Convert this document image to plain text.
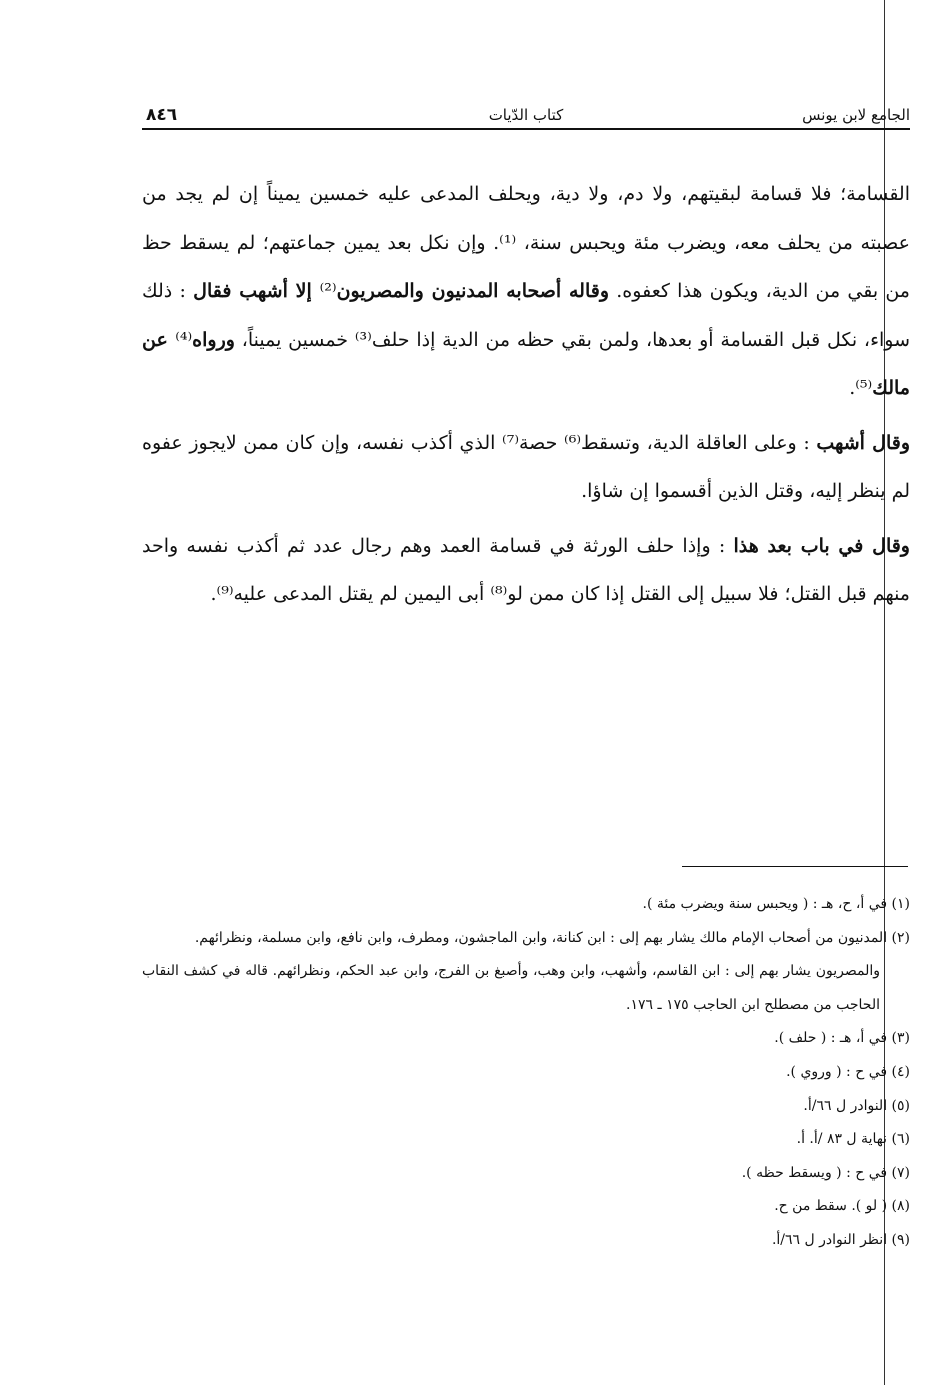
٨٤٦	كتاب الدّيات	الجامع لابن يونس

القسامة؛ فلا قسامة لبقيتهم، ولا دم، ولا دية، ويحلف المدعى عليه خمسين يميناً إن لم يجد من عصبته من يحلف معه، ويضرب مئة ويحبس سنة، ⁽¹⁾. وإن نكل بعد يمين جماعتهم؛ لم يسقط حظ من بقي من الدية، ويكون هذا كعفوه. وقاله أصحابه المدنيون والمصريون⁽²⁾ إلا أشهب فقال : ذلك سواء، نكل قبل القسامة أو بعدها، ولمن بقي حظه من الدية إذا حلف⁽³⁾ خمسين يميناً، ورواه⁽⁴⁾ عن مالك⁽⁵⁾.

وقال أشهب : وعلى العاقلة الدية، وتسقط⁽⁶⁾ حصة⁽⁷⁾ الذي أكذب نفسه، وإن كان ممن لايجوز عفوه لم ينظر إليه، وقتل الذين أقسموا إن شاؤا.

وقال في باب بعد هذا : وإذا حلف الورثة في قسامة العمد وهم رجال عدد ثم أكذب نفسه واحد منهم قبل القتل؛ فلا سبيل إلى القتل إذا كان ممن لو⁽⁸⁾ أبى اليمين لم يقتل المدعى عليه⁽⁹⁾.

(١) في أ، ح، هـ : ( ويحبس سنة ويضرب مئة ).

(٢) المدنيون من أصحاب الإمام مالك يشار بهم إلى : ابن كنانة، وابن الماجشون، ومطرف، وابن نافع، وابن مسلمة، ونظرائهم.

والمصريون يشار بهم إلى : ابن القاسم، وأشهب، وابن وهب، وأصبغ بن الفرج، وابن عبد الحكم، ونظرائهم. قاله في كشف النقاب الحاجب من مصطلح ابن الحاجب ١٧٥ ـ ١٧٦.

(٣) في أ، هـ : ( حلف ).

(٤) في ح : ( وروي ).

(٥) النوادر ل ٦٦/أ.

(٦) نهاية ل ٨٣ /أ. أ.

(٧) في ح : ( ويسقط حظه ).

(٨) ( لو ). سقط من ح.

(٩) انظر النوادر ل ٦٦/أ.
